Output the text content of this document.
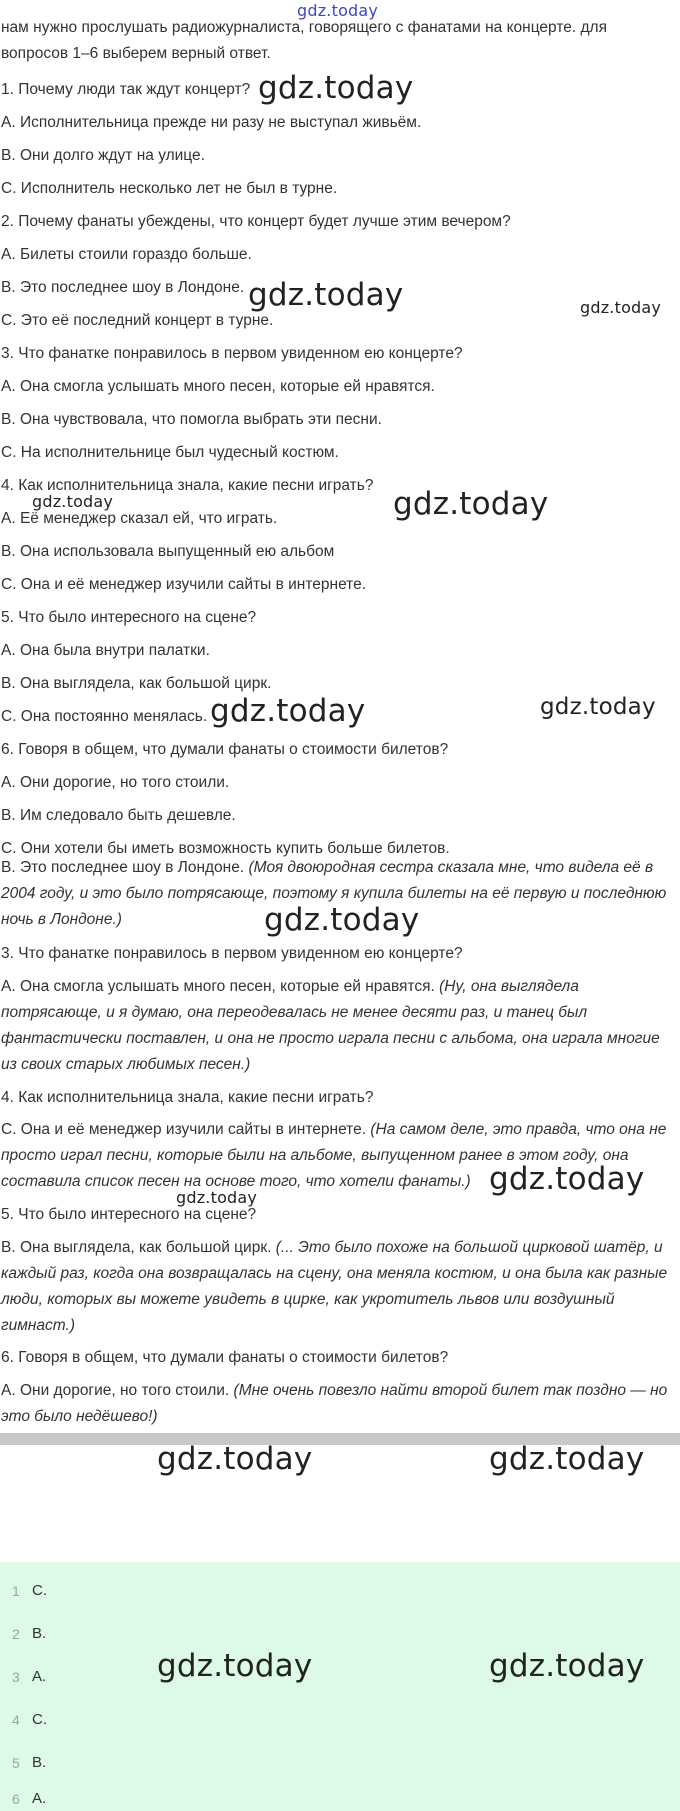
gdz.today
нам нужно прослушать радиожурналиста, говорящего с фанатами на концерте. для вопросов 1–6 выберем верный ответ.
1. Почему люди так ждут концерт?
A. Исполнительница прежде ни разу не выступал живьём.
B. Они долго ждут на улице.
C. Исполнитель несколько лет не был в турне.
2. Почему фанаты убеждены, что концерт будет лучше этим вечером?
A. Билеты стоили гораздо больше.
B. Это последнее шоу в Лондоне.
C. Это её последний концерт в турне.
3. Что фанатке понравилось в первом увиденном ею концерте?
A. Она смогла услышать много песен, которые ей нравятся.
B. Она чувствовала, что помогла выбрать эти песни.
C. На исполнительнице был чудесный костюм.
4. Как исполнительница знала, какие песни играть?
A. Её менеджер сказал ей, что играть.
B. Она использовала выпущенный ею альбом
C. Она и её менеджер изучили сайты в интернете.
5. Что было интересного на сцене?
A. Она была внутри палатки.
B. Она выглядела, как большой цирк.
C. Она постоянно менялась.
6. Говоря в общем, что думали фанаты о стоимости билетов?
A. Они дорогие, но того стоили.
B. Им следовало быть дешевле.
C. Они хотели бы иметь возможность купить больше билетов.
B. Это последнее шоу в Лондоне. (Моя двоюродная сестра сказала мне, что видела её в 2004 году, и это было потрясающе, поэтому я купила билеты на её первую и последнюю ночь в Лондоне.)
3. Что фанатке понравилось в первом увиденном ею концерте?
A. Она смогла услышать много песен, которые ей нравятся. (Ну, она выглядела потрясающе, и я думаю, она переодевалась не менее десяти раз, и танец был фантастически поставлен, и она не просто играла песни с альбома, она играла многие из своих старых любимых песен.)
4. Как исполнительница знала, какие песни играть?
C. Она и её менеджер изучили сайты в интернете. (На самом деле, это правда, что она не просто играл песни, которые были на альбоме, выпущенном ранее в этом году, она составила список песен на основе того, что хотели фанаты.)
5. Что было интересного на сцене?
B. Она выглядела, как большой цирк. (... Это было похоже на большой цирковой шатёр, и каждый раз, когда она возвращалась на сцену, она меняла костюм, и она была как разные люди, которых вы можете увидеть в цирке, как укротитель львов или воздушный гимнаст.)
6. Говоря в общем, что думали фанаты о стоимости билетов?
A. Они дорогие, но того стоили. (Мне очень повезло найти второй билет так поздно — но это было недёшево!)
1 C.
2 B.
3 A.
4 C.
5 B.
6 A.
gdz.today
gdz.today	gdz.today
gdz.today
gdz.today
gdz.today	gdz.today
gdz.today
gdz.today
gdz.today
gdz.today	gdz.today
gdz.today	gdz.today
